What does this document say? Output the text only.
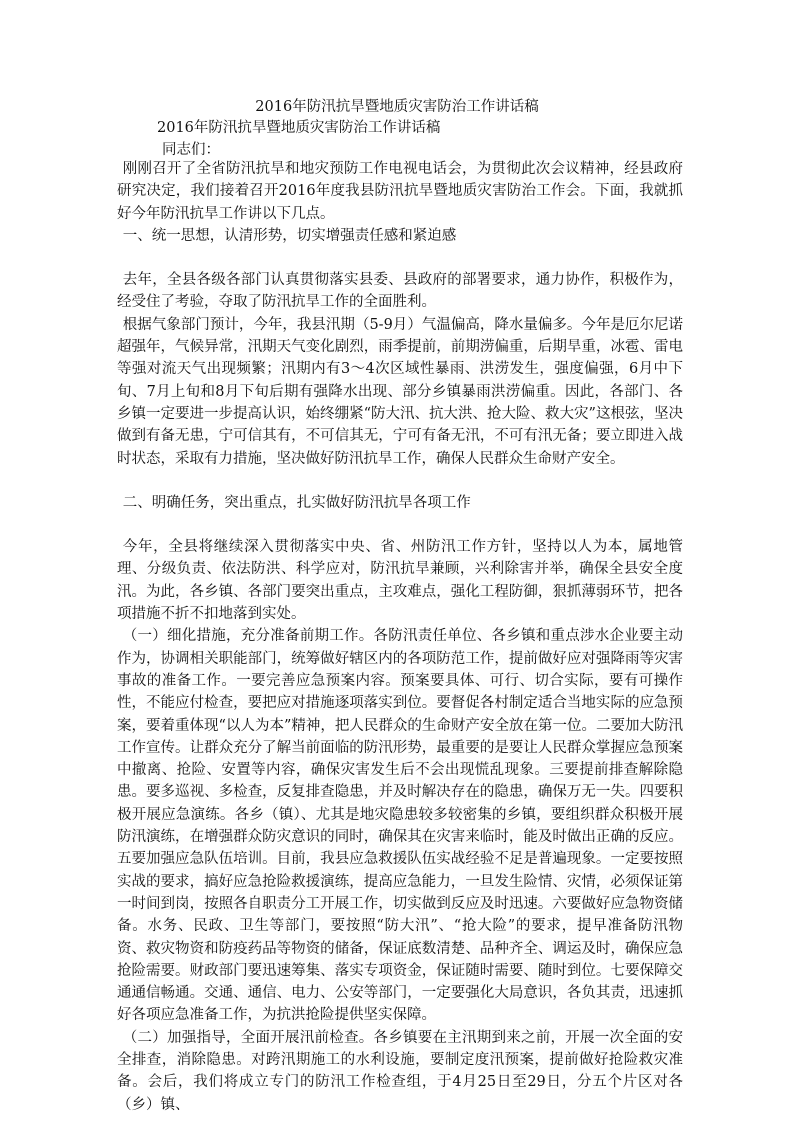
2016年防汛抗旱暨地质灾害防治工作讲话稿
2016年防汛抗旱暨地质灾害防治工作讲话稿
同志们：

刚刚召开了全省防汛抗旱和地灾预防工作电视电话会，为贯彻此次会议精神，经县政府研究决定，我们接着召开2016年度我县防汛抗旱暨地质灾害防治工作会。下面，我就抓好今年防汛抗旱工作讲以下几点。

一、统一思想，认清形势，切实增强责任感和紧迫感

去年，全县各级各部门认真贯彻落实县委、县政府的部署要求，通力协作，积极作为，经受住了考验，夺取了防汛抗旱工作的全面胜利。

根据气象部门预计，今年，我县汛期（5-9月）气温偏高，降水量偏多。今年是厄尔尼诺超强年，气候异常，汛期天气变化剧烈，雨季提前，前期涝偏重，后期旱重，冰雹、雷电等强对流天气出现频繁；汛期内有3～4次区域性暴雨、洪涝发生，强度偏强，6月中下旬、7月上旬和8月下旬后期有强降水出现、部分乡镇暴雨洪涝偏重。因此，各部门、各乡镇一定要进一步提高认识，始终绷紧“防大汛、抗大洪、抢大险、救大灾”这根弦，坚决做到有备无患，宁可信其有，不可信其无，宁可有备无汛，不可有汛无备；要立即进入战时状态，采取有力措施，坚决做好防汛抗旱工作，确保人民群众生命财产安全。

二、明确任务，突出重点，扎实做好防汛抗旱各项工作

今年，全县将继续深入贯彻落实中央、省、州防汛工作方针，坚持以人为本，属地管理、分级负责、依法防洪、科学应对，防汛抗旱兼顾，兴利除害并举，确保全县安全度汛。为此，各乡镇、各部门要突出重点，主攻难点，强化工程防御，狠抓薄弱环节，把各项措施不折不扣地落到实处。

（一）细化措施，充分准备前期工作。各防汛责任单位、各乡镇和重点涉水企业要主动作为，协调相关职能部门，统筹做好辖区内的各项防范工作，提前做好应对强降雨等灾害事故的准备工作。一要完善应急预案内容。预案要具体、可行、切合实际，要有可操作性，不能应付检查，要把应对措施逐项落实到位。要督促各村制定适合当地实际的应急预案，要着重体现“以人为本”精神，把人民群众的生命财产安全放在第一位。二要加大防汛工作宣传。让群众充分了解当前面临的防汛形势，最重要的是要让人民群众掌握应急预案中撤离、抢险、安置等内容，确保灾害发生后不会出现慌乱现象。三要提前排查解除隐患。要多巡视、多检查，反复排查隐患，并及时解决存在的隐患，确保万无一失。四要积极开展应急演练。各乡（镇）、尤其是地灾隐患较多较密集的乡镇，要组织群众积极开展防汛演练，在增强群众防灾意识的同时，确保其在灾害来临时，能及时做出正确的反应。五要加强应急队伍培训。目前，我县应急救援队伍实战经验不足是普遍现象。一定要按照实战的要求，搞好应急抢险救援演练，提高应急能力，一旦发生险情、灾情，必须保证第一时间到岗，按照各自职责分工开展工作，切实做到反应及时迅速。六要做好应急物资储备。水务、民政、卫生等部门，要按照“防大汛”、“抢大险”的要求，提早准备防汛物资、救灾物资和防疫药品等物资的储备，保证底数清楚、品种齐全、调运及时，确保应急抢险需要。财政部门要迅速筹集、落实专项资金，保证随时需要、随时到位。七要保障交通通信畅通。交通、通信、电力、公安等部门，一定要强化大局意识，各负其责，迅速抓好各项应急准备工作，为抗洪抢险提供坚实保障。

（二）加强指导，全面开展汛前检查。各乡镇要在主汛期到来之前，开展一次全面的安全排查，消除隐患。对跨汛期施工的水利设施，要制定度汛预案，提前做好抢险救灾准备。会后，我们将成立专门的防汛工作检查组，于4月25日至29日，分五个片区对各（乡）镇、
